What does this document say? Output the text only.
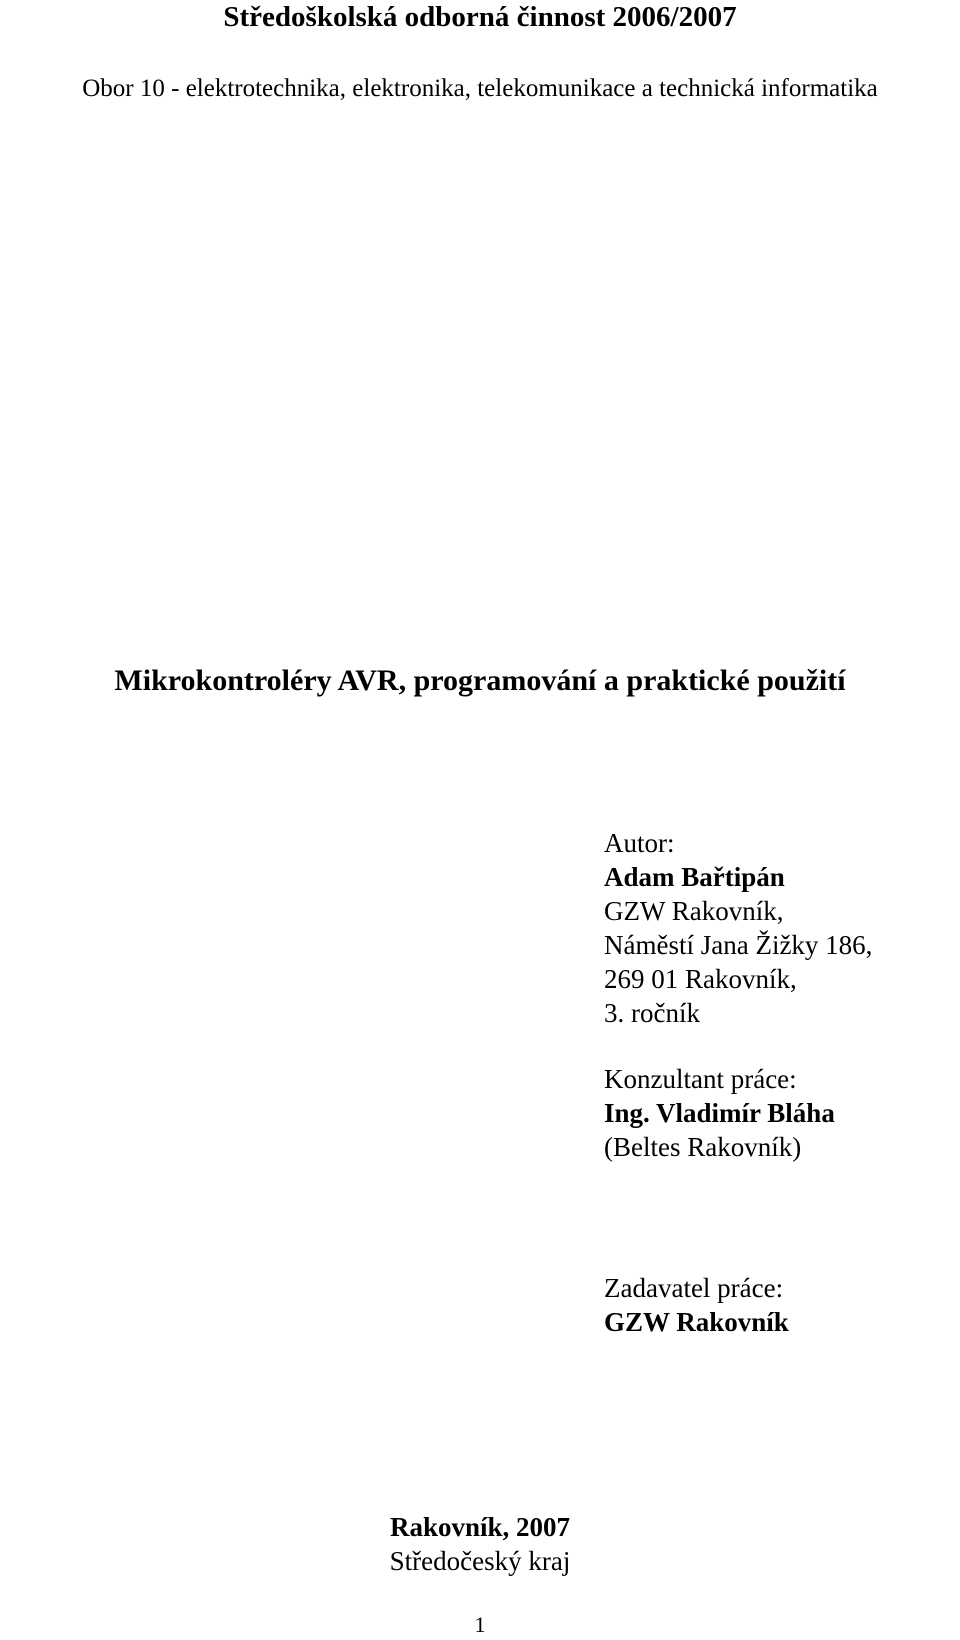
Středoškolská odborná činnost 2006/2007

Obor 10 - elektrotechnika, elektronika, telekomunikace a technická informatika

Mikrokontroléry AVR, programování a praktické použití
Autor:
Adam Bařtipán
GZW Rakovník,
Náměstí Jana Žižky 186,
269 01 Rakovník,
3. ročník
Konzultant práce:
Ing. Vladimír Bláha
(Beltes Rakovník)
Zadavatel práce:
GZW Rakovník
Rakovník, 2007
Středočeský kraj
1
